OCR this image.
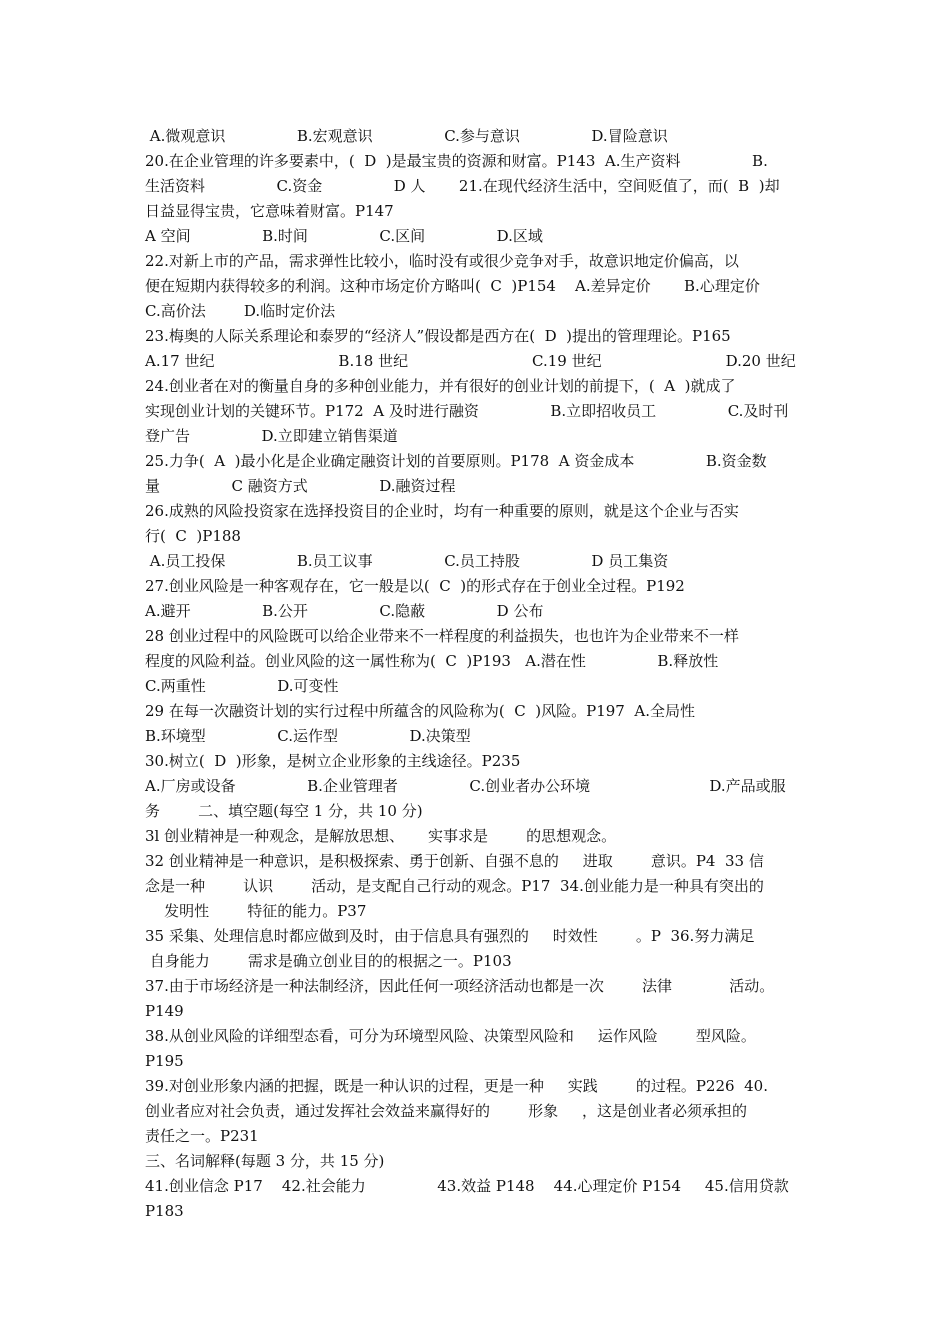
A.微观意识               B.宏观意识               C.参与意识               D.冒险意识
20.在企业管理的许多要素中，(  D  )是最宝贵的资源和财富。P143  A.生产资料               B.
生活资料               C.资金               D 人       21.在现代经济生活中，空间贬值了，而(  B  )却
日益显得宝贵，它意味着财富。P147
A 空间               B.时间               C.区间               D.区域
22.对新上市的产品，需求弹性比较小，临时没有或很少竞争对手，故意识地定价偏高，以
便在短期内获得较多的利润。这种市场定价方略叫(  C  )P154    A.差异定价       B.心理定价
C.高价法        D.临时定价法
23.梅奥的人际关系理论和泰罗的“经济人”假设都是西方在(  D  )提出的管理理论。P165
A.17 世纪                          B.18 世纪                          C.19 世纪                          D.20 世纪
24.创业者在对的衡量自身的多种创业能力，并有很好的创业计划的前提下，(  A  )就成了
实现创业计划的关键环节。P172  A 及时进行融资               B.立即招收员工               C.及时刊
登广告               D.立即建立销售渠道
25.力争(  A  )最小化是企业确定融资计划的首要原则。P178  A 资金成本               B.资金数
量               C 融资方式               D.融资过程
26.成熟的风险投资家在选择投资目的企业时，均有一种重要的原则，就是这个企业与否实
行(  C  )P188
A.员工投保               B.员工议事               C.员工持股               D 员工集资
27.创业风险是一种客观存在，它一般是以(  C  )的形式存在于创业全过程。P192
A.避开               B.公开               C.隐蔽               D 公布
28 创业过程中的风险既可以给企业带来不一样程度的利益损失，也也许为企业带来不一样
程度的风险利益。创业风险的这一属性称为(  C  )P193   A.潜在性               B.释放性
C.两重性               D.可变性
29 在每一次融资计划的实行过程中所蕴含的风险称为(  C  )风险。P197  A.全局性
B.环境型               C.运作型               D.决策型
30.树立(  D  )形象，是树立企业形象的主线途径。P235
A.厂房或设备               B.企业管理者               C.创业者办公环境                         D.产品或服
务        二、填空题(每空 1 分，共 10 分)
3l 创业精神是一种观念，是解放思想、     实事求是        的思想观念。
32 创业精神是一种意识，是积极探索、勇于创新、自强不息的     进取        意识。P4  33 信
念是一种        认识        活动，是支配自己行动的观念。P17  34.创业能力是一种具有突出的
发明性        特征的能力。P37
35 采集、处理信息时都应做到及时，由于信息具有强烈的     时效性        。P  36.努力满足
自身能力        需求是确立创业目的的根据之一。P103
37.由于市场经济是一种法制经济，因此任何一项经济活动也都是一次        法律            活动。
P149
38.从创业风险的详细型态看，可分为环境型风险、决策型风险和     运作风险        型风险。
P195
39.对创业形象内涵的把握，既是一种认识的过程，更是一种     实践        的过程。P226  40.
创业者应对社会负责，通过发挥社会效益来赢得好的        形象     ，这是创业者必须承担的
责任之一。P231
三、名词解释(每题 3 分，共 15 分)
41.创业信念 P17    42.社会能力               43.效益 P148    44.心理定价 P154     45.信用贷款
P183
